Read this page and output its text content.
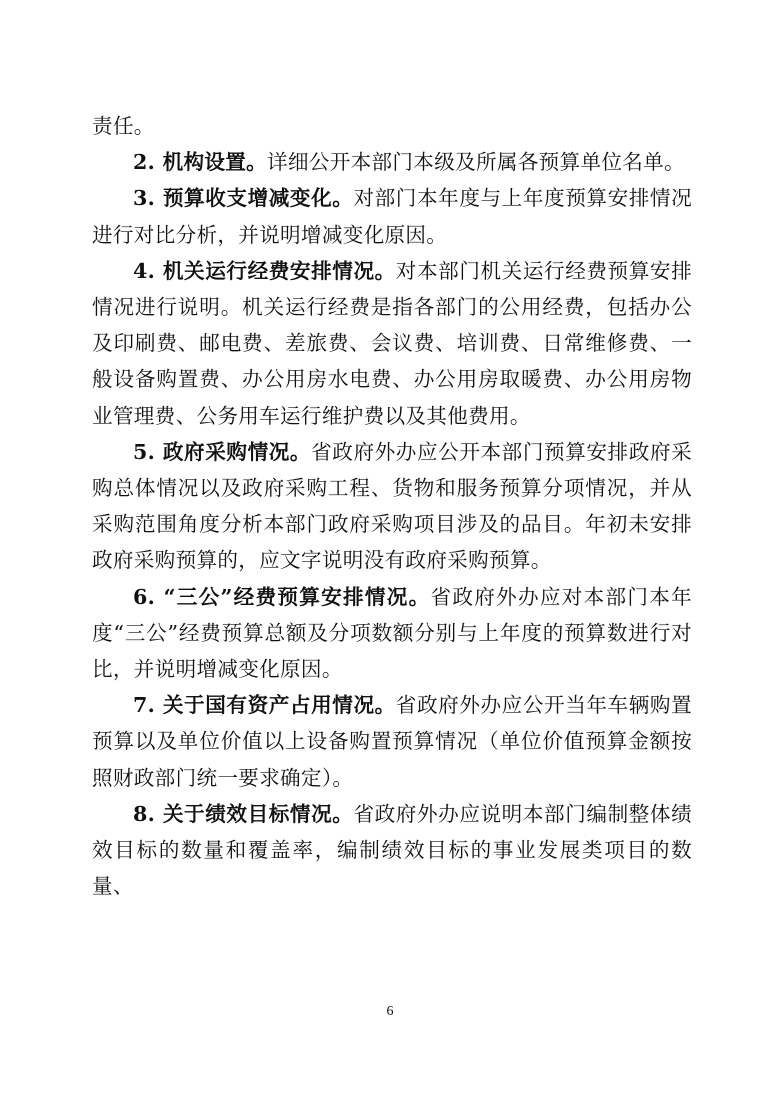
责任。

2. 机构设置。详细公开本部门本级及所属各预算单位名单。

3. 预算收支增减变化。对部门本年度与上年度预算安排情况进行对比分析，并说明增减变化原因。

4. 机关运行经费安排情况。对本部门机关运行经费预算安排情况进行说明。机关运行经费是指各部门的公用经费，包括办公及印刷费、邮电费、差旅费、会议费、培训费、日常维修费、一般设备购置费、办公用房水电费、办公用房取暖费、办公用房物业管理费、公务用车运行维护费以及其他费用。

5. 政府采购情况。省政府外办应公开本部门预算安排政府采购总体情况以及政府采购工程、货物和服务预算分项情况，并从采购范围角度分析本部门政府采购项目涉及的品目。年初未安排政府采购预算的，应文字说明没有政府采购预算。

6. “三公”经费预算安排情况。省政府外办应对本部门本年度“三公”经费预算总额及分项数额分别与上年度的预算数进行对比，并说明增减变化原因。

7. 关于国有资产占用情况。省政府外办应公开当年车辆购置预算以及单位价值以上设备购置预算情况（单位价值预算金额按照财政部门统一要求确定）。

8. 关于绩效目标情况。省政府外办应说明本部门编制整体绩效目标的数量和覆盖率，编制绩效目标的事业发展类项目的数量、

6
